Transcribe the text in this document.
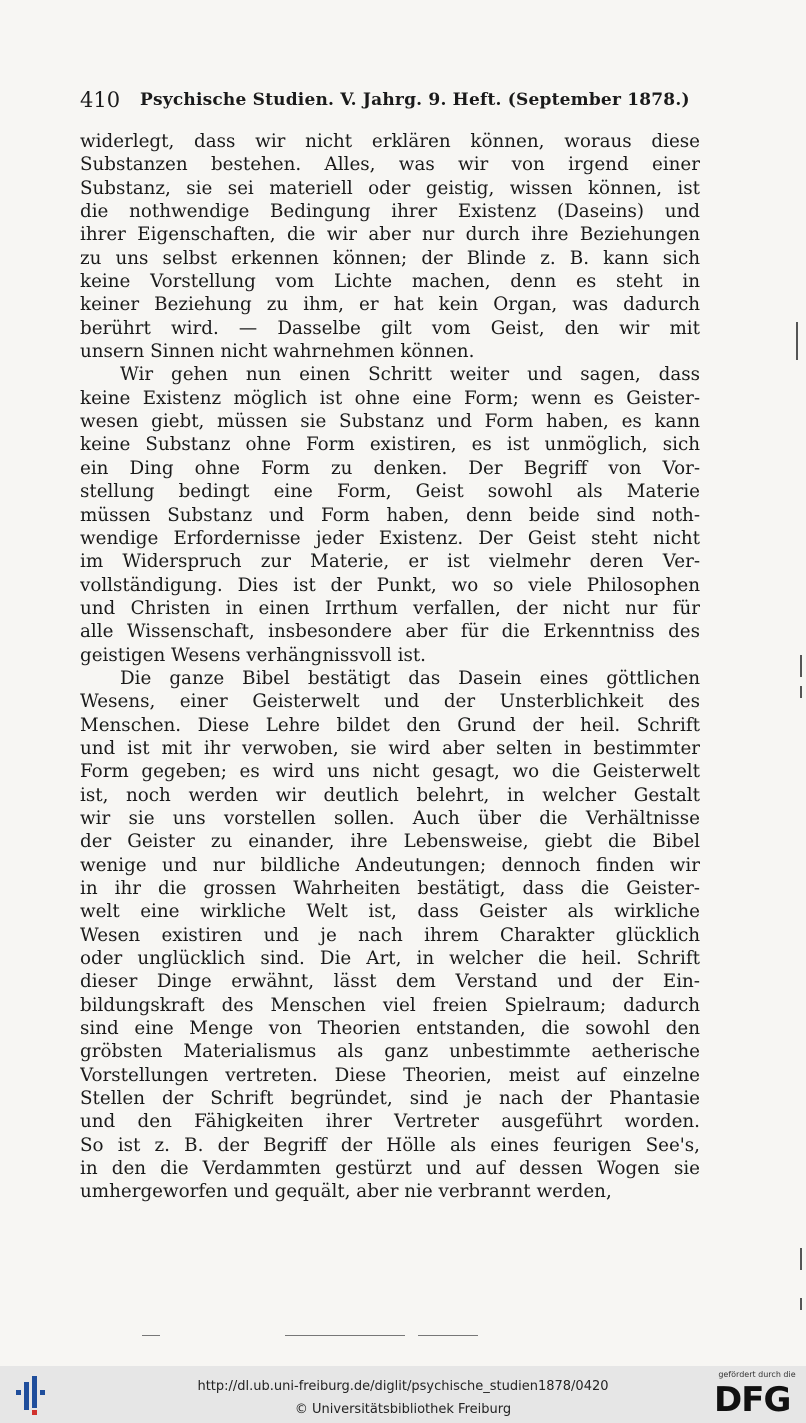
410 Psychische Studien. V. Jahrg. 9. Heft. (September 1878.)
widerlegt, dass wir nicht erklären können, woraus diese
Substanzen bestehen. Alles, was wir von irgend einer
Substanz, sie sei materiell oder geistig, wissen können, ist
die nothwendige Bedingung ihrer Existenz (Daseins) und
ihrer Eigenschaften, die wir aber nur durch ihre Beziehungen
zu uns selbst erkennen können; der Blinde z. B. kann sich
keine Vorstellung vom Lichte machen, denn es steht in
keiner Beziehung zu ihm, er hat kein Organ, was dadurch
berührt wird. — Dasselbe gilt vom Geist, den wir mit
unsern Sinnen nicht wahrnehmen können.
Wir gehen nun einen Schritt weiter und sagen, dass
keine Existenz möglich ist ohne eine Form; wenn es Geister-
wesen giebt, müssen sie Substanz und Form haben, es kann
keine Substanz ohne Form existiren, es ist unmöglich, sich
ein Ding ohne Form zu denken. Der Begriff von Vor-
stellung bedingt eine Form, Geist sowohl als Materie
müssen Substanz und Form haben, denn beide sind noth-
wendige Erfordernisse jeder Existenz. Der Geist steht nicht
im Widerspruch zur Materie, er ist vielmehr deren Ver-
vollständigung. Dies ist der Punkt, wo so viele Philosophen
und Christen in einen Irrthum verfallen, der nicht nur für
alle Wissenschaft, insbesondere aber für die Erkenntniss des
geistigen Wesens verhängnissvoll ist.
Die ganze Bibel bestätigt das Dasein eines göttlichen
Wesens, einer Geisterwelt und der Unsterblichkeit des
Menschen. Diese Lehre bildet den Grund der heil. Schrift
und ist mit ihr verwoben, sie wird aber selten in bestimmter
Form gegeben; es wird uns nicht gesagt, wo die Geisterwelt
ist, noch werden wir deutlich belehrt, in welcher Gestalt
wir sie uns vorstellen sollen. Auch über die Verhältnisse
der Geister zu einander, ihre Lebensweise, giebt die Bibel
wenige und nur bildliche Andeutungen; dennoch finden wir
in ihr die grossen Wahrheiten bestätigt, dass die Geister-
welt eine wirkliche Welt ist, dass Geister als wirkliche
Wesen existiren und je nach ihrem Charakter glücklich
oder unglücklich sind. Die Art, in welcher die heil. Schrift
dieser Dinge erwähnt, lässt dem Verstand und der Ein-
bildungskraft des Menschen viel freien Spielraum; dadurch
sind eine Menge von Theorien entstanden, die sowohl den
gröbsten Materialismus als ganz unbestimmte aetherische
Vorstellungen vertreten. Diese Theorien, meist auf einzelne
Stellen der Schrift begründet, sind je nach der Phantasie
und den Fähigkeiten ihrer Vertreter ausgeführt worden.
So ist z. B. der Begriff der Hölle als eines feurigen See's,
in den die Verdammten gestürzt und auf dessen Wogen sie
umhergeworfen und gequält, aber nie verbrannt werden,
http://dl.ub.uni-freiburg.de/diglit/psychische_studien1878/0420
© Universitätsbibliothek Freiburg
gefördert durch die
DFG
